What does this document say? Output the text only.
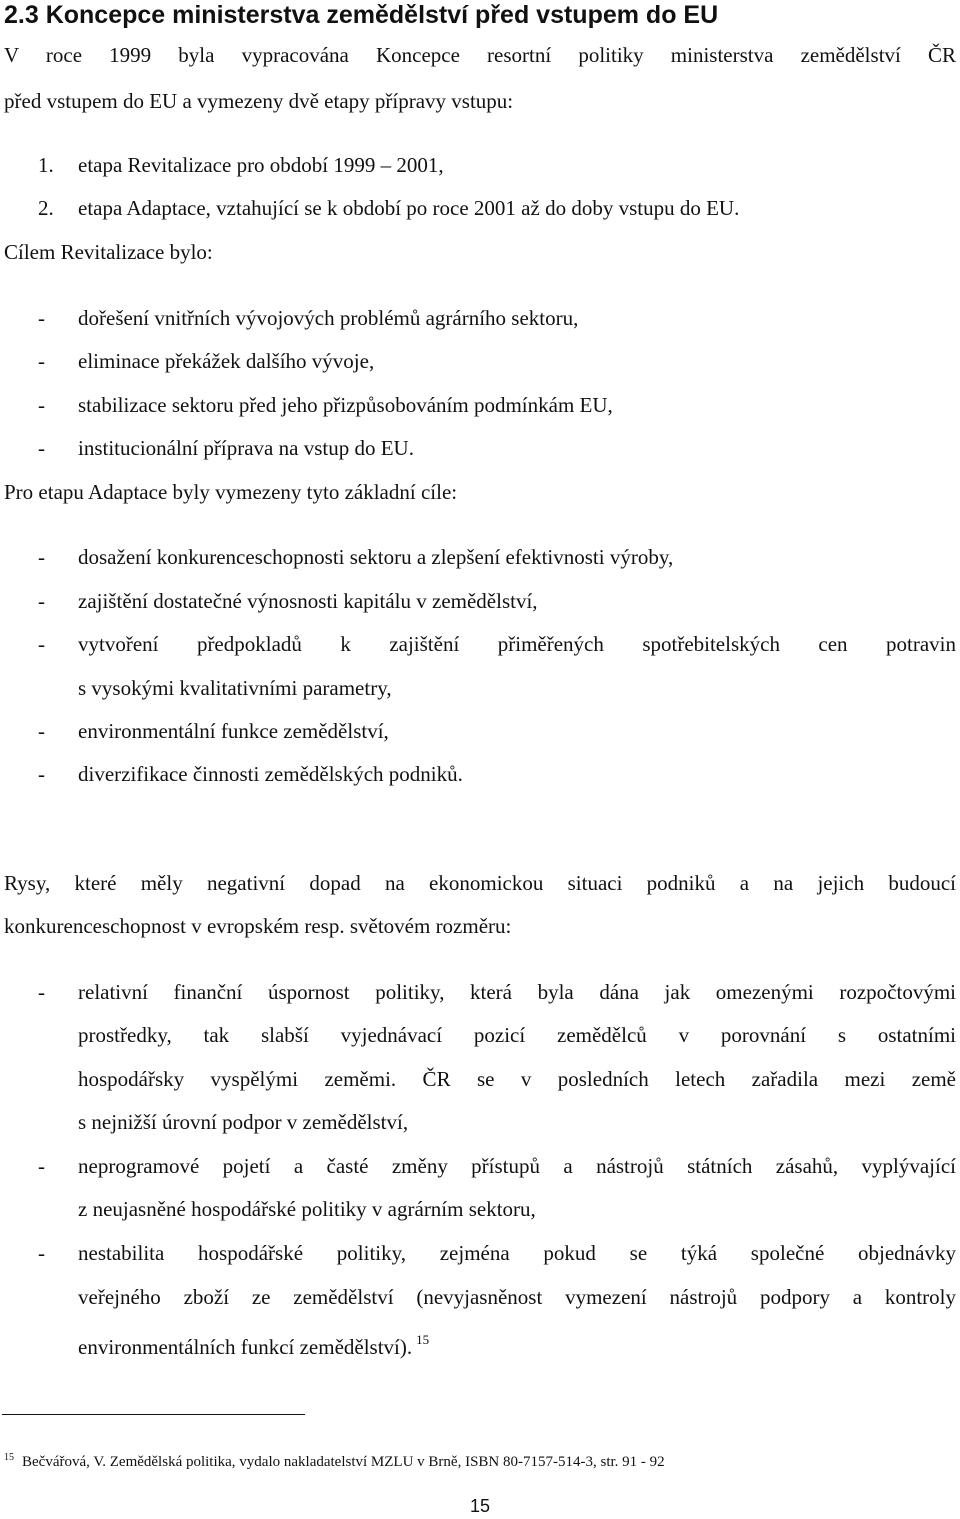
2.3 Koncepce ministerstva zemědělství před vstupem do EU
V roce 1999 byla vypracována Koncepce resortní politiky ministerstva zemědělství ČR
před vstupem do EU a vymezeny dvě etapy přípravy vstupu:
1. etapa Revitalizace pro období 1999 – 2001,
2. etapa Adaptace, vztahující se k období po roce 2001 až do doby vstupu do EU.
Cílem Revitalizace bylo:
- dořešení vnitřních vývojových problémů agrárního sektoru,
- eliminace překážek dalšího vývoje,
- stabilizace sektoru před jeho přizpůsobováním podmínkám EU,
- institucionální příprava na vstup do EU.
Pro etapu Adaptace byly vymezeny tyto základní cíle:
- dosažení konkurenceschopnosti sektoru a zlepšení efektivnosti výroby,
- zajištění dostatečné výnosnosti kapitálu v zemědělství,
- vytvoření předpokladů k zajištění přiměřených spotřebitelských cen potravin
s vysokými kvalitativními parametry,
- environmentální funkce zemědělství,
- diverzifikace činnosti zemědělských podniků.
Rysy, které měly negativní dopad na ekonomickou situaci podniků a na jejich budoucí
konkurenceschopnost v evropském resp. světovém rozměru:
- relativní finanční úspornost politiky, která byla dána jak omezenými rozpočtovými
prostředky, tak slabší vyjednávací pozicí zemědělců v porovnání s ostatními
hospodářsky vyspělými zeměmi. ČR se v posledních letech zařadila mezi země
s nejnižší úrovní podpor v zemědělství,
- neprogramové pojetí a časté změny přístupů a nástrojů státních zásahů, vyplývající
z neujasněné hospodářské politiky v agrárním sektoru,
- nestabilita hospodářské politiky, zejména pokud se týká společné objednávky
veřejného zboží ze zemědělství (nevyjasněnost vymezení nástrojů podpory a kontroly
environmentálních funkcí zemědělství). $^{15}$
$^{15}$ Bečvářová, V. Zemědělská politika, vydalo nakladatelství MZLU v Brně, ISBN 80-7157-514-3, str. 91 - 92
15
